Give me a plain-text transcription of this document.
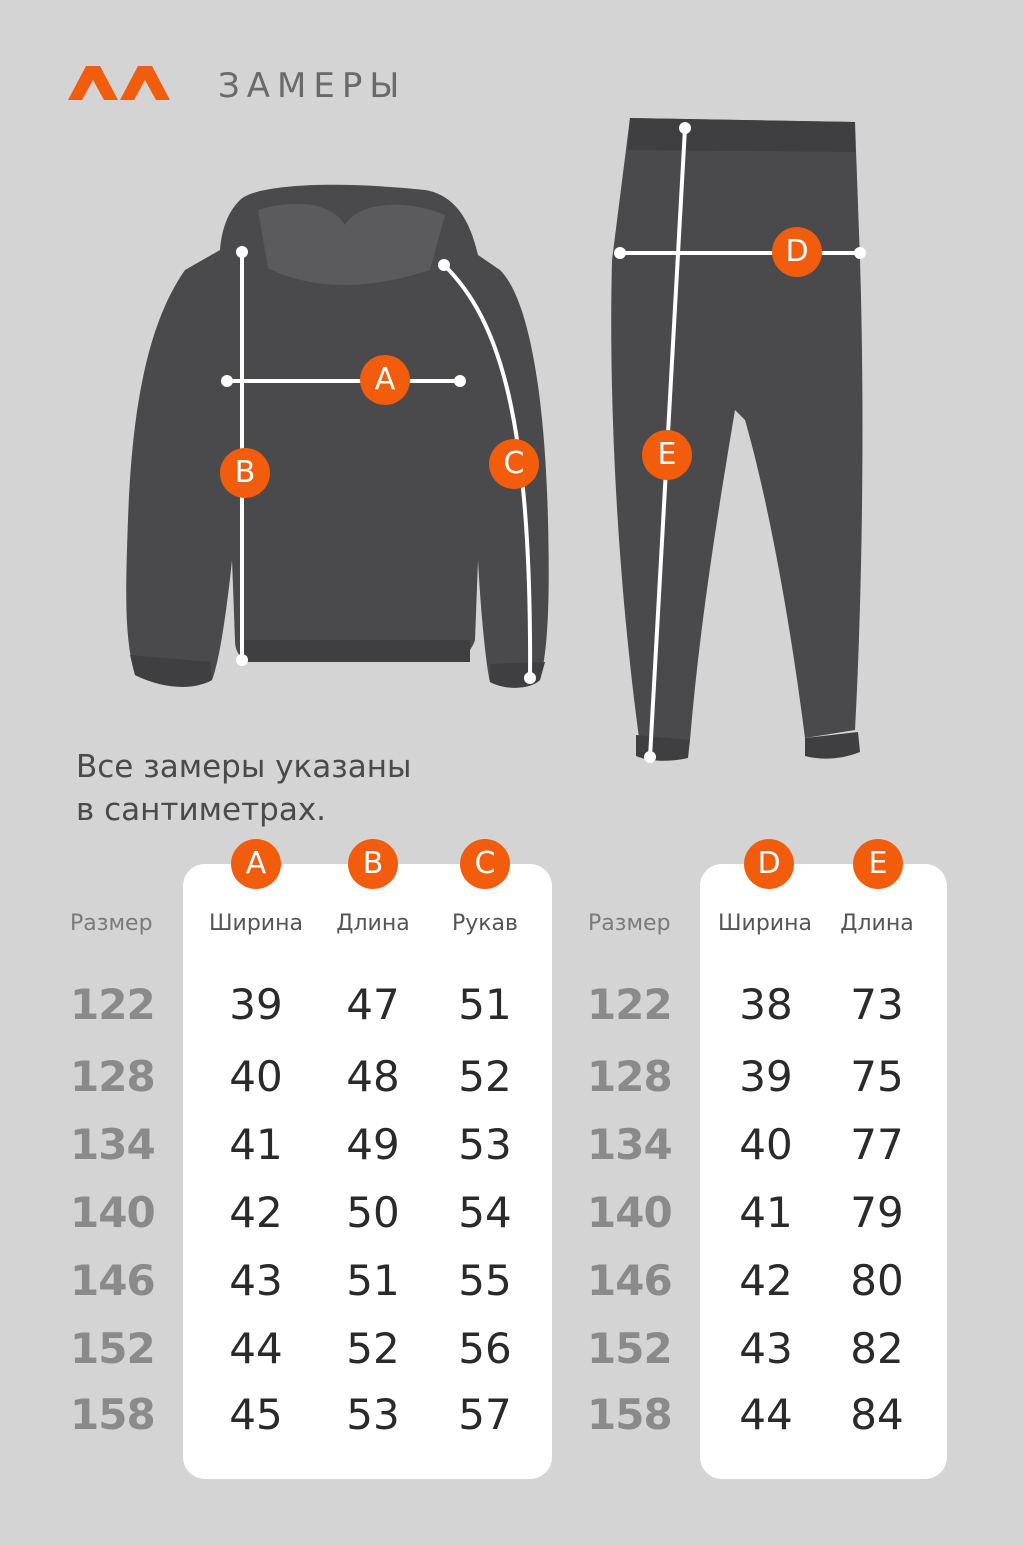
ЗАМЕРЫ
A
B	C
D
E
Все замеры указаны
в сантиметрах.
Размер
A	B	C
Ширина Длина Рукав
122 39 47 51
128 40 48 52
134 41 49 53
140 42 50 54
146 43 51 55
152 44 52 56
158 45 53 57
Размер
D	E
Ширина Длина
122 38 73
128 39 75
134 40 77
140 41 79
146 42 80
152 43 82
158 44 84
